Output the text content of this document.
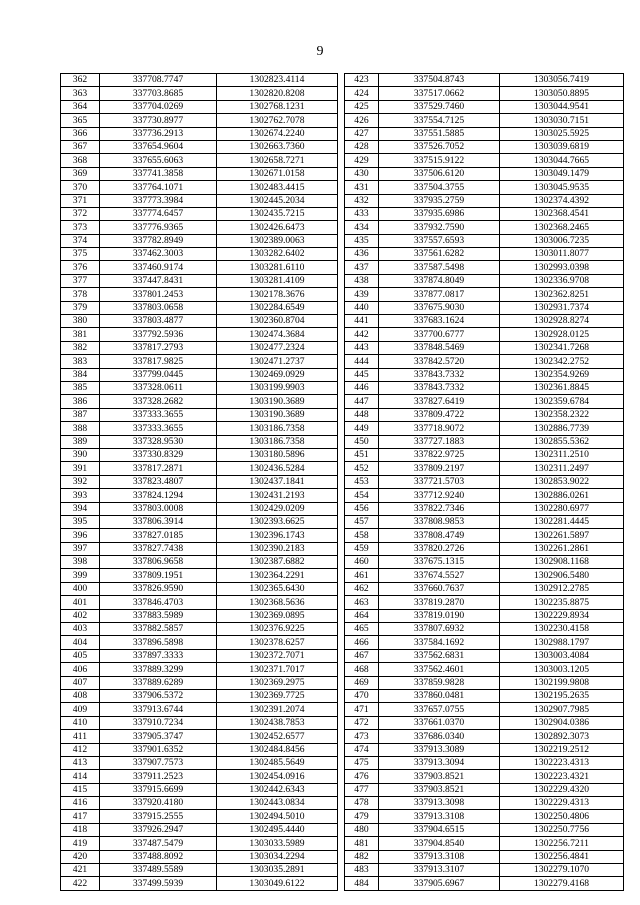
9
362	337708.7747	1302823.4114
363	337703.8685	1302820.8208
364	337704.0269	1302768.1231
365	337730.8977	1302762.7078
366	337736.2913	1302674.2240
367	337654.9604	1302663.7360
368	337655.6063	1302658.7271
369	337741.3858	1302671.0158
370	337764.1071	1302483.4415
371	337773.3984	1302445.2034
372	337774.6457	1302435.7215
373	337776.9365	1302426.6473
374	337782.8949	1302389.0063
375	337462.3003	1303282.6402
376	337460.9174	1303281.6110
377	337447.8431	1303281.4109
378	337801.2453	1302178.3676
379	337803.0658	1302284.6549
380	337803.4877	1302360.8704
381	337792.5936	1302474.3684
382	337817.2793	1302477.2324
383	337817.9825	1302471.2737
384	337799.0445	1302469.0929
385	337328.0611	1303199.9903
386	337328.2682	1303190.3689
387	337333.3655	1303190.3689
388	337333.3655	1303186.7358
389	337328.9530	1303186.7358
390	337330.8329	1303180.5896
391	337817.2871	1302436.5284
392	337823.4807	1302437.1841
393	337824.1294	1302431.2193
394	337803.0008	1302429.0209
395	337806.3914	1302393.6625
396	337827.0185	1302396.1743
397	337827.7438	1302390.2183
398	337806.9658	1302387.6882
399	337809.1951	1302364.2291
400	337826.9590	1302365.6430
401	337846.4703	1302368.5636
402	337883.5989	1302369.0895
403	337882.5857	1302376.9225
404	337896.5898	1302378.6257
405	337897.3333	1302372.7071
406	337889.3299	1302371.7017
407	337889.6289	1302369.2975
408	337906.5372	1302369.7725
409	337913.6744	1302391.2074
410	337910.7234	1302438.7853
411	337905.3747	1302452.6577
412	337901.6352	1302484.8456
413	337907.7573	1302485.5649
414	337911.2523	1302454.0916
415	337915.6699	1302442.6343
416	337920.4180	1302443.0834
417	337915.2555	1302494.5010
418	337926.2947	1302495.4440
419	337487.5479	1303033.5989
420	337488.8092	1303034.2294
421	337489.5589	1303035.2891
422	337499.5939	1303049.6122
423	337504.8743	1303056.7419
424	337517.0662	1303050.8895
425	337529.7460	1303044.9541
426	337554.7125	1303030.7151
427	337551.5885	1303025.5925
428	337526.7052	1303039.6819
429	337515.9122	1303044.7665
430	337506.6120	1303049.1479
431	337504.3755	1303045.9535
432	337935.2759	1302374.4392
433	337935.6986	1302368.4541
434	337932.7590	1302368.2465
435	337557.6593	1303006.7235
436	337561.6282	1303011.8077
437	337587.5498	1302993.0398
438	337874.8049	1302336.9708
439	337877.0817	1302362.8251
440	337675.9030	1302931.7374
441	337683.1624	1302928.8274
442	337700.6777	1302928.0125
443	337848.5469	1302341.7268
444	337842.5720	1302342.2752
445	337843.7332	1302354.9269
446	337843.7332	1302361.8845
447	337827.6419	1302359.6784
448	337809.4722	1302358.2322
449	337718.9072	1302886.7739
450	337727.1883	1302855.5362
451	337822.9725	1302311.2510
452	337809.2197	1302311.2497
453	337721.5703	1302853.9022
454	337712.9240	1302886.0261
456	337822.7346	1302280.6977
457	337808.9853	1302281.4445
458	337808.4749	1302261.5897
459	337820.2726	1302261.2861
460	337675.1315	1302908.1168
461	337674.5527	1302906.5480
462	337660.7637	1302912.2785
463	337819.2870	1302235.8875
464	337819.0190	1302229.8934
465	337807.6932	1302230.4158
466	337584.1692	1302988.1797
467	337562.6831	1303003.4084
468	337562.4601	1303003.1205
469	337859.9828	1302199.9808
470	337860.0481	1302195.2635
471	337657.0755	1302907.7985
472	337661.0370	1302904.0386
473	337686.0340	1302892.3073
474	337913.3089	1302219.2512
475	337913.3094	1302223.4313
476	337903.8521	1302223.4321
477	337903.8521	1302229.4320
478	337913.3098	1302229.4313
479	337913.3108	1302250.4806
480	337904.6515	1302250.7756
481	337904.8540	1302256.7211
482	337913.3108	1302256.4841
483	337913.3107	1302279.1070
484	337905.6967	1302279.4168
